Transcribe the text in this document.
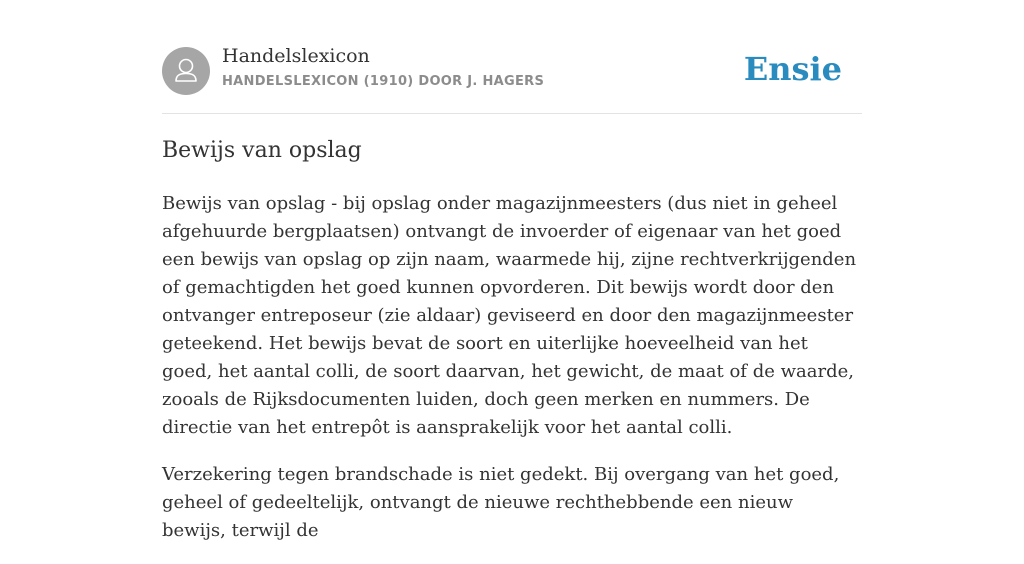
Handelslexicon
HANDELSLEXICON (1910) DOOR J. HAGERS	Ensie
Bewijs van opslag

Bewijs van opslag - bij opslag onder magazijnmeesters (dus niet in geheel afgehuurde bergplaatsen) ontvangt de invoerder of eigenaar van het goed een bewijs van opslag op zijn naam, waarmede hij, zijne rechtverkrijgenden of gemachtigden het goed kunnen opvorderen. Dit bewijs wordt door den ontvanger entreposeur (zie aldaar) geviseerd en door den magazijnmeester geteekend. Het bewijs bevat de soort en uiterlijke hoeveelheid van het goed, het aantal colli, de soort daarvan, het gewicht, de maat of de waarde, zooals de Rijksdocumenten luiden, doch geen merken en nummers. De directie van het entrepôt is aansprakelijk voor het aantal colli.

Verzekering tegen brandschade is niet gedekt. Bij overgang van het goed, geheel of gedeeltelijk, ontvangt de nieuwe rechthebbende een nieuw bewijs, terwijl de
